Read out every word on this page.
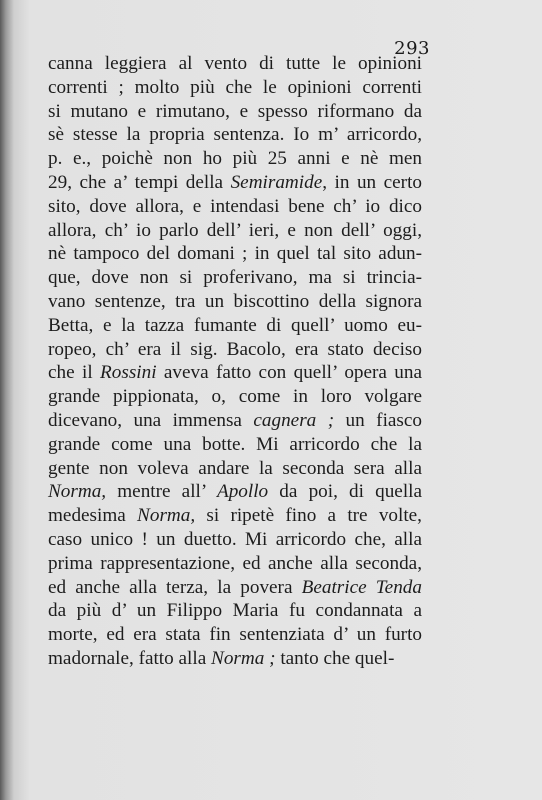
293
canna leggiera al vento di tutte le opinioni
correnti ; molto più che le opinioni correnti
si mutano e rimutano, e spesso riformano da
sè stesse la propria sentenza. Io m’ arricordo,
p. e., poichè non ho più 25 anni e nè men
29, che a’ tempi della Semiramide, in un certo
sito, dove allora, e intendasi bene ch’ io dico
allora, ch’ io parlo dell’ ieri, e non dell’ oggi,
nè tampoco del domani ; in quel tal sito adun-
que, dove non si proferivano, ma si trincia-
vano sentenze, tra un biscottino della signora
Betta, e la tazza fumante di quell’ uomo eu-
ropeo, ch’ era il sig. Bacolo, era stato deciso
che il Rossini aveva fatto con quell’ opera una
grande pippionata, o, come in loro volgare
dicevano, una immensa cagnera ; un fiasco
grande come una botte. Mi arricordo che la
gente non voleva andare la seconda sera alla
Norma, mentre all’ Apollo da poi, di quella
medesima Norma, si ripetè fino a tre volte,
caso unico ! un duetto. Mi arricordo che, alla
prima rappresentazione, ed anche alla seconda,
ed anche alla terza, la povera Beatrice Tenda
da più d’ un Filippo Maria fu condannata a
morte, ed era stata fin sentenziata d’ un furto
madornale, fatto alla Norma ; tanto che quel-
